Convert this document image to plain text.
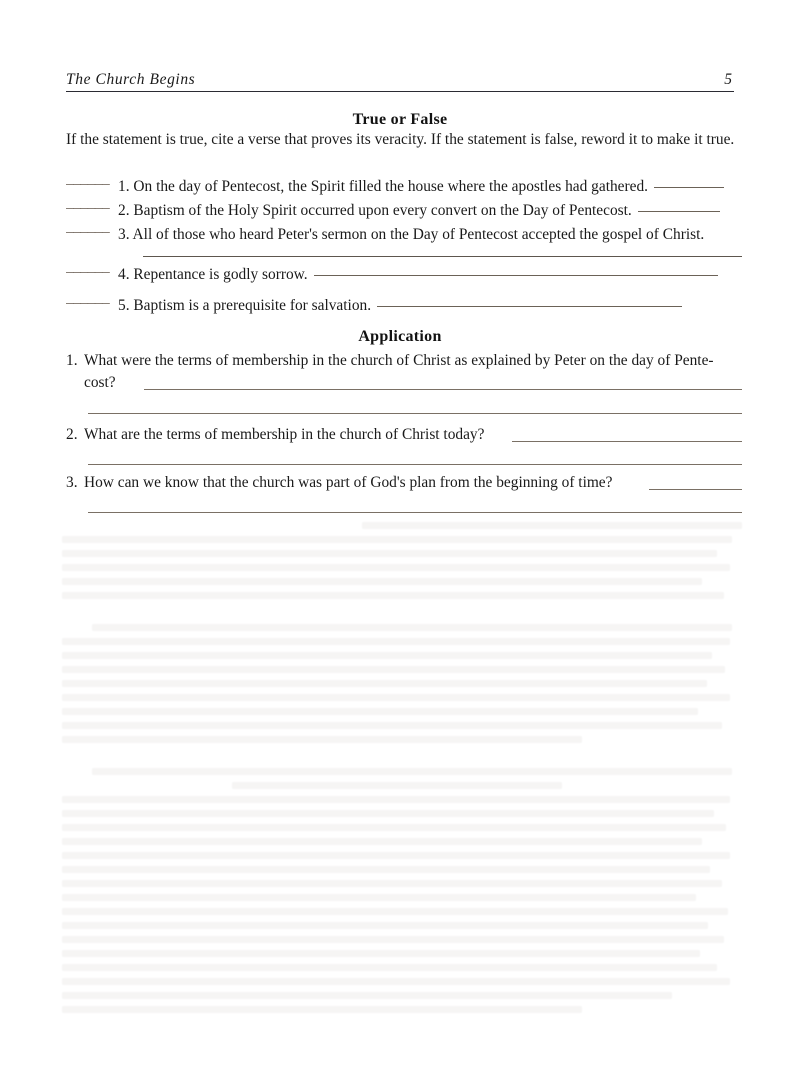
The Church Begins	5
True or False
If the statement is true, cite a verse that proves its veracity. If the statement is false, reword it to make it true.
______ 1. On the day of Pentecost, the Spirit filled the house where the apostles had gathered.
______ 2. Baptism of the Holy Spirit occurred upon every convert on the Day of Pentecost.
______ 3. All of those who heard Peter's sermon on the Day of Pentecost accepted the gospel of Christ.
______ 4. Repentance is godly sorrow.
______ 5. Baptism is a prerequisite for salvation.
Application
1. What were the terms of membership in the church of Christ as explained by Peter on the day of Pente-
cost?
2. What are the terms of membership in the church of Christ today?
3. How can we know that the church was part of God's plan from the beginning of time?
